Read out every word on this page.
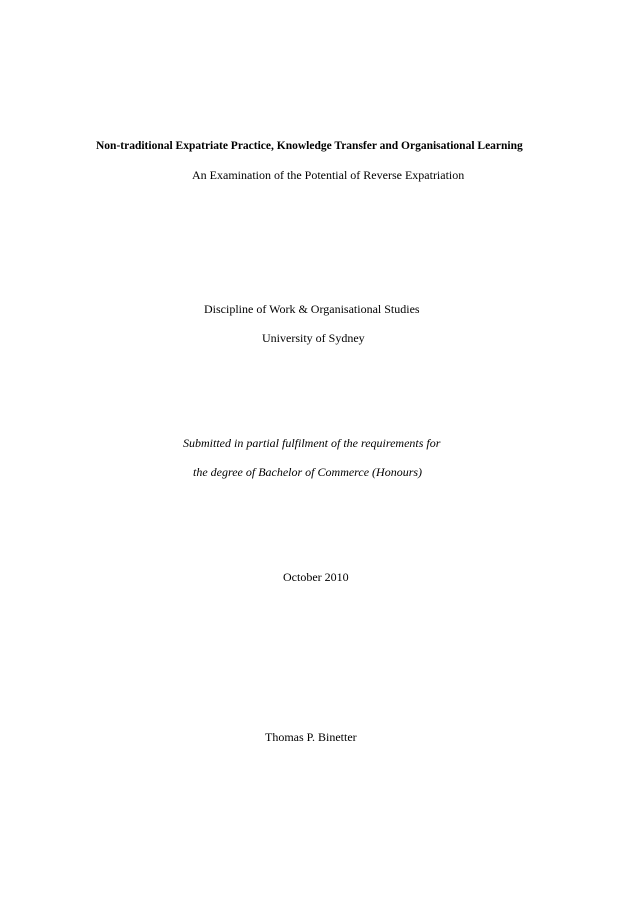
Non-traditional Expatriate Practice, Knowledge Transfer and Organisational Learning
An Examination of the Potential of Reverse Expatriation
Discipline of Work & Organisational Studies
University of Sydney
Submitted in partial fulfilment of the requirements for
the degree of Bachelor of Commerce (Honours)
October 2010
Thomas P. Binetter
